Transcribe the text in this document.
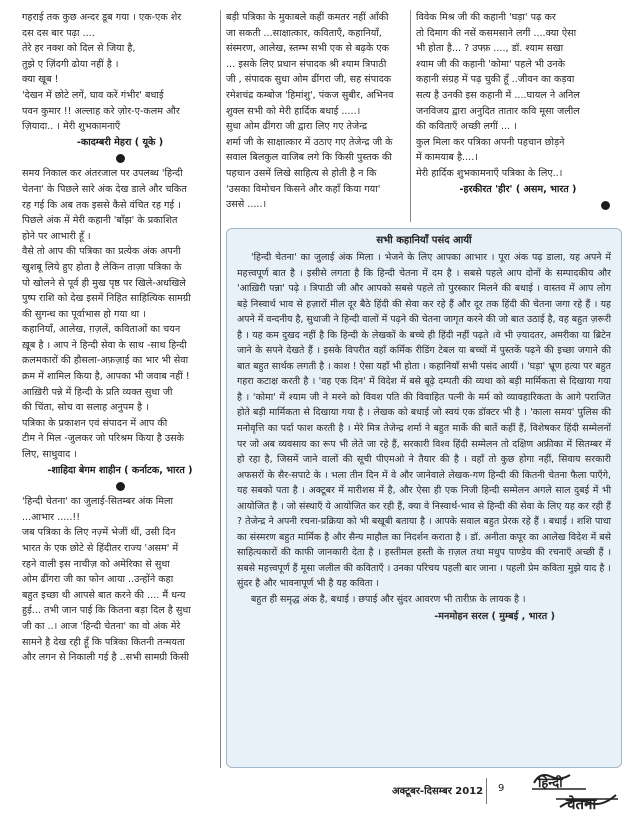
गहराई तक कुछ अन्दर डूब गया । एक-एक शेर

दस दस बार पढ़ा ....

तेरे हर नक्श को दिल से जिया है,

तुझे ए ज़िंदगी ढोया नहीं है ।

क्या खूब !

'देखन में छोटे लगें, घाव करें गंभीर' बधाई

पवन कुमार !! अल्लाह करे ज़ोर-ए-कलम और

ज़ियादा.. । मेरी शुभकामनाएँ

-कादम्बरी मेहरा ( यूके )

समय निकाल कर अंतरजाल पर उपलब्ध 'हिन्दी

चेतना' के पिछले सारे अंक देख डाले और चकित

रह गई कि अब तक इससे कैसे वंचित रह गई ।

पिछले अंक में मेरी कहानी 'बाँझ' के प्रकाशित

होने पर आभारी हूँ ।

वैसे तो आप की पत्रिका का प्रत्येक अंक अपनी

खुशबू लिये हुए होता है लेकिन ताज़ा पत्रिका के

पो खोलने से पूर्व ही मुख पृष्ठ पर खिले-अधखिले

पुष्प राशि को देख इसमें निहित साहित्यिक सामग्री

की सुगन्ध का पूर्वाभास हो गया था ।

कहानियाँ, आलेख, ग़ज़लें, कविताओं का चयन

ख़ूब है । आप ने हिन्दी सेवा के साथ -साथ हिन्दी

क़लमकारों की हौसला-अफ़ज़ाई का भार भी सेवा

क्रम में शामिल किया है, आपका भी जवाब नहीं !

आख़िरी पन्ने में हिन्दी के प्रति व्यक्त सुधा जी

की चिंता, सोच वा सलाह अनुपम है ।

पत्रिका के प्रकाशन एवं संपादन में आप की

टीम ने मिल -जुलकर जो परिश्रम किया है उसके

लिए, साधुवाद ।

-शाहिदा बेगम शाहीन ( कर्नाटक, भारत )

'हिन्दी चेतना' का जुलाई-सितम्बर अंक मिला

...आभार .....!!

जब पत्रिका के लिए नज़्में भेजीं थीं, उसी दिन

भारत के एक छोटे से हिंदीतर राज्य 'असम' में

रहने वाली इस नाचीज़ को अमेरिका से सुधा

ओम ढींगरा जी का फोन आया ..उन्होंने कहा

बहुत इच्छा थी आपसे बात करने की .... मैं धन्य

हुई... तभी जान पाई कि कितना बड़ा दिल है सुधा

जी का ..। आज 'हिन्दी चेतना' का वो अंक मेरे

सामने है देख रही हूँ कि पत्रिका कितनी तन्मयता

और लगन से निकाली गई है ..सभी सामग्री किसी

बड़ी पत्रिका के मुकाबले कहीं कमतर नहीं आँकी

जा सकती ...साक्षात्कार, कविताएँ, कहानियाँ,

संस्मरण, आलेख, स्तम्भ सभी एक से बढ़के एक

... इसके लिए प्रधान संपादक श्री श्याम त्रिपाठी

जी , संपादक सुधा ओम ढींगरा जी, सह संपादक

रमेशचंद्र कम्बोज 'हिमांशु', पंकज सुबीर, अभिनव

शुक्ल सभी को मेरी हार्दिक बधाई .....।

सुधा ओम ढींगरा जी द्वारा लिए गए तेजेन्द्र

शर्मा जी के साक्षात्कार में उठाए गए तेजेन्द्र जी के

सवाल बिलकुल वाजिब लगे कि किसी पुस्तक की

पहचान उसमें लिखे साहित्य से होती है न कि

'उसका विमोचन किसने और कहाँ किया गया'

उससे .....।

विवेक मिश्र जी की कहानी 'घड़ा' पढ़ कर

तो दिमाग की नसें कसमसाने लगीं ....क्या ऐसा

भी होता है... ? उफ्फ़ ...., डॉ. श्याम सखा

श्याम जी की कहानी 'कोमा' पहले भी उनके

कहानी संग्रह में पढ़ चुकी हूँ ..जीवन का कड़वा

सत्य है उनकी इस कहानी में ....घायल ने अनिल

जनविजय द्वारा अनुदित तातार कवि मूसा जलील

की कविताएँ अच्छी लगीं ... ।

कुल मिला कर पत्रिका अपनी पहचान छोड़ने

में कामयाब है....।

मेरी हार्दिक शुभकामनाएँ पत्रिका के लिए..।

-हरकीरत 'हीर' ( असम, भारत )

सभी कहानियाँ पसंद आयीं

'हिन्दी चेतना' का जुलाई अंक मिला । भेजने के लिए आपका आभार । पूरा अंक पढ़ डाला, यह अपने में महत्त्वपूर्ण बात है । इसीसे लगता है कि हिन्दी चेतना में दम है । सबसे पहले आप दोनों के सम्पादकीय और 'आख़िरी पन्ना' पढ़े । त्रिपाठी जी और आपको सबसे पहले तो पुरस्कार मिलने की बधाई । वास्तव में आप लोग बड़े निस्वार्थ भाव से हज़ारों मील दूर बैठे हिंदी की सेवा कर रहे हैं और दूर तक हिंदी की चेतना जगा रहे हैं । यह अपने में वन्दनीय है, सुधाजी ने हिन्दी वालों में पढ़ने की चेतना जागृत करने की जो बात उठाई है, वह बहुत ज़रूरी है । यह कम दुखद नहीं है कि हिन्दी के लेखकों के बच्चे ही हिंदी नहीं पढ़ते ।वे भी ज़्यादतर, अमरीका या ब्रिटेन जाने के सपने देखते हैं । इसके विपरीत वहाँ कर्मिक रीडिंग टेबल या बच्चों में पुस्तकें पढ़ने की इच्छा जगाने की बात बहुत सार्थक लगती है । काश ! ऐसा यहाँ भी होता । कहानियाँ सभी पसंद आयीं । 'घड़ा' भ्रूण हत्या पर बहुत गहरा कटाक्ष करती है । 'वह एक दिन' में विदेश में बसे बूढ़े दम्पती की व्यथा को बड़ी मार्मिकता से दिखाया गया है । 'कोमा' में श्याम जी ने मरने को विवश पति की विवाहित पत्नी के मर्म को व्यावहारिकता के आगे पराजित होते बड़ी मार्मिकता से दिखाया गया है । लेखक को बधाई जो स्वयं एक डॉक्टर भी है । 'काला समय' पुलिस की मनोवृत्ति का पर्दा फाश करती है । मेरे मित्र तेजेन्द्र शर्मा ने बहुत मार्के की बातें कहीं हैं, विशेषकर हिंदी सम्मेलनों पर जो अब व्यवसाय का रूप भी लेते जा रहे हैं, सरकारी विश्व हिंदी सम्मेलन तो दक्षिण अफ्रीका में सितम्बर में हो रहा है, जिसमें जाने वालों की सूची पीएमओ ने तैयार की है । वहाँ तो कुछ होगा नहीं, सिवाय सरकारी अफसरों के सैर-सपाटे के । भला तीन दिन में वे और जानेवाले लेखक-गण हिन्दी की कितनी चेतना फैला पाएँगे, यह सबको पता है । अक्टूबर में मारीशस में है, और ऐसा ही एक निजी हिन्दी सम्मेलन अगले साल दुबई में भी आयोजित है । जो संस्थाएँ ये आयोजित कर रही हैं, क्या वे निस्वार्थ-भाव से हिन्दी की सेवा के लिए यह कर रही हैं ? तेजेन्द्र ने अपनी रचना-प्रक्रिया को भी बखूबी बताया है । आपके सवाल बहुत प्रेरक रहे हैं । बधाई । शशि पाधा का संस्मरण बहुत मार्मिक है और सैन्य माहौल का निदर्शन कराता है । डॉ. अनीता कपूर का आलेख विदेश में बसे साहित्यकारों की काफी जानकारी देता है । हस्तीमल हस्ती के ग़ज़ल तथा मधुप पाण्डेय की रचनाएँ अच्छी हैं । सबसे महत्त्वपूर्ण हैं मूसा जलील की कविताएँ । उनका परिचय पहली बार जाना । पहली प्रेम कविता मुझे याद है । सुंदर है और भावनापूर्ण भी है यह कविता ।

बहुत ही समृद्ध अंक है, बधाई । छपाई और सुंदर आवरण भी तारीफ़ के लायक है ।

-मनमोहन सरल ( मुम्बई , भारत )
अक्टूबर-दिसम्बर 2012 9	हिन्दी
चेतना
